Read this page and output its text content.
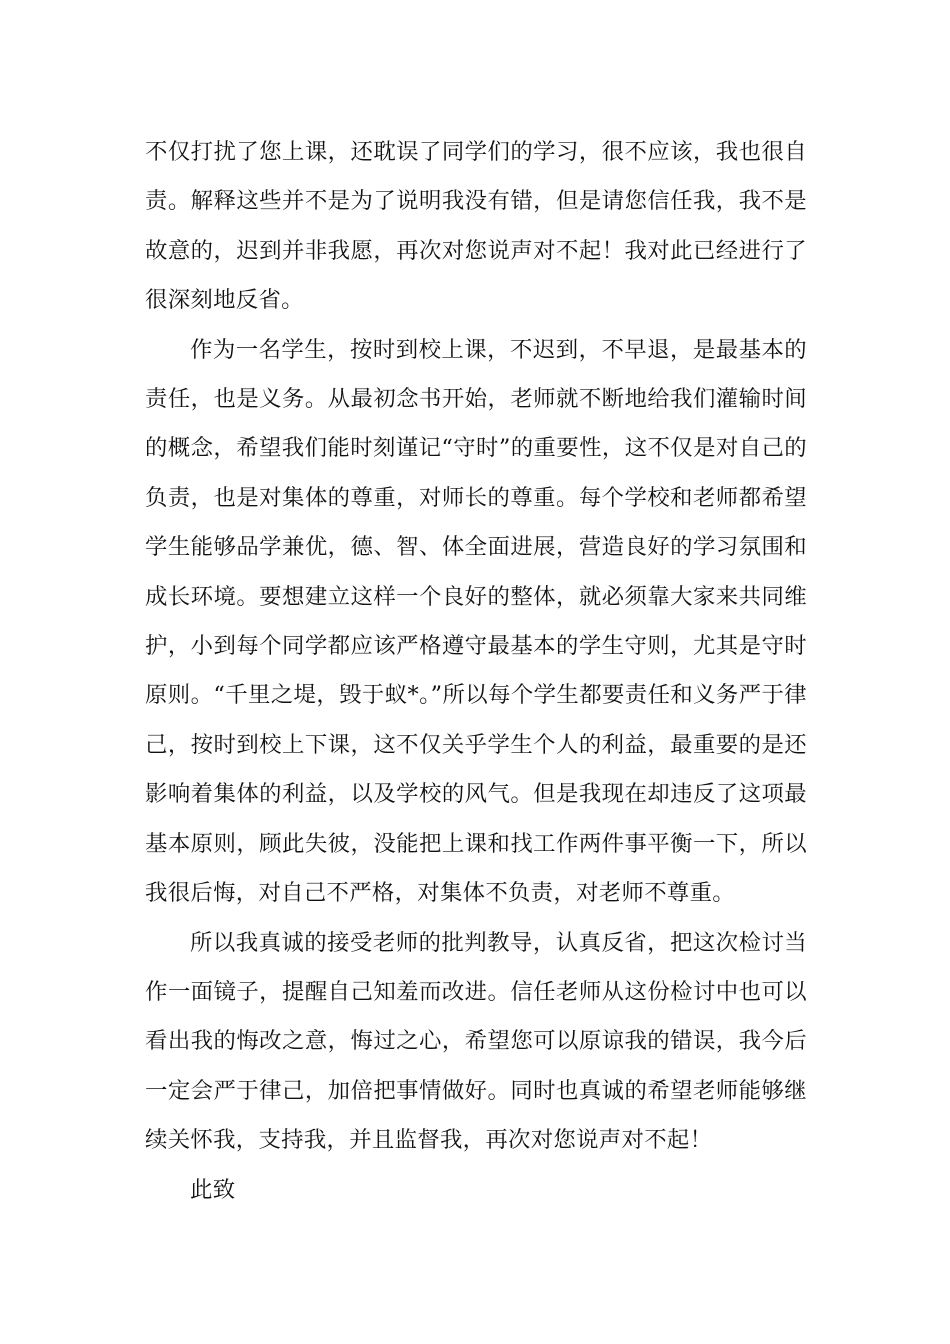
不仅打扰了您上课，还耽误了同学们的学习，很不应该，我也很自责。解释这些并不是为了说明我没有错，但是请您信任我，我不是故意的，迟到并非我愿，再次对您说声对不起！我对此已经进行了很深刻地反省。

作为一名学生，按时到校上课，不迟到，不早退，是最基本的责任，也是义务。从最初念书开始，老师就不断地给我们灌输时间的概念，希望我们能时刻谨记“守时”的重要性，这不仅是对自己的负责，也是对集体的尊重，对师长的尊重。每个学校和老师都希望学生能够品学兼优，德、智、体全面进展，营造良好的学习氛围和成长环境。要想建立这样一个良好的整体，就必须靠大家来共同维护，小到每个同学都应该严格遵守最基本的学生守则，尤其是守时原则。“千里之堤，毁于蚁*。”所以每个学生都要责任和义务严于律己，按时到校上下课，这不仅关乎学生个人的利益，最重要的是还影响着集体的利益，以及学校的风气。但是我现在却违反了这项最基本原则，顾此失彼，没能把上课和找工作两件事平衡一下，所以我很后悔，对自己不严格，对集体不负责，对老师不尊重。

所以我真诚的接受老师的批判教导，认真反省，把这次检讨当作一面镜子，提醒自己知羞而改进。信任老师从这份检讨中也可以看出我的悔改之意，悔过之心，希望您可以原谅我的错误，我今后一定会严于律己，加倍把事情做好。同时也真诚的希望老师能够继续关怀我，支持我，并且监督我，再次对您说声对不起！

此致
